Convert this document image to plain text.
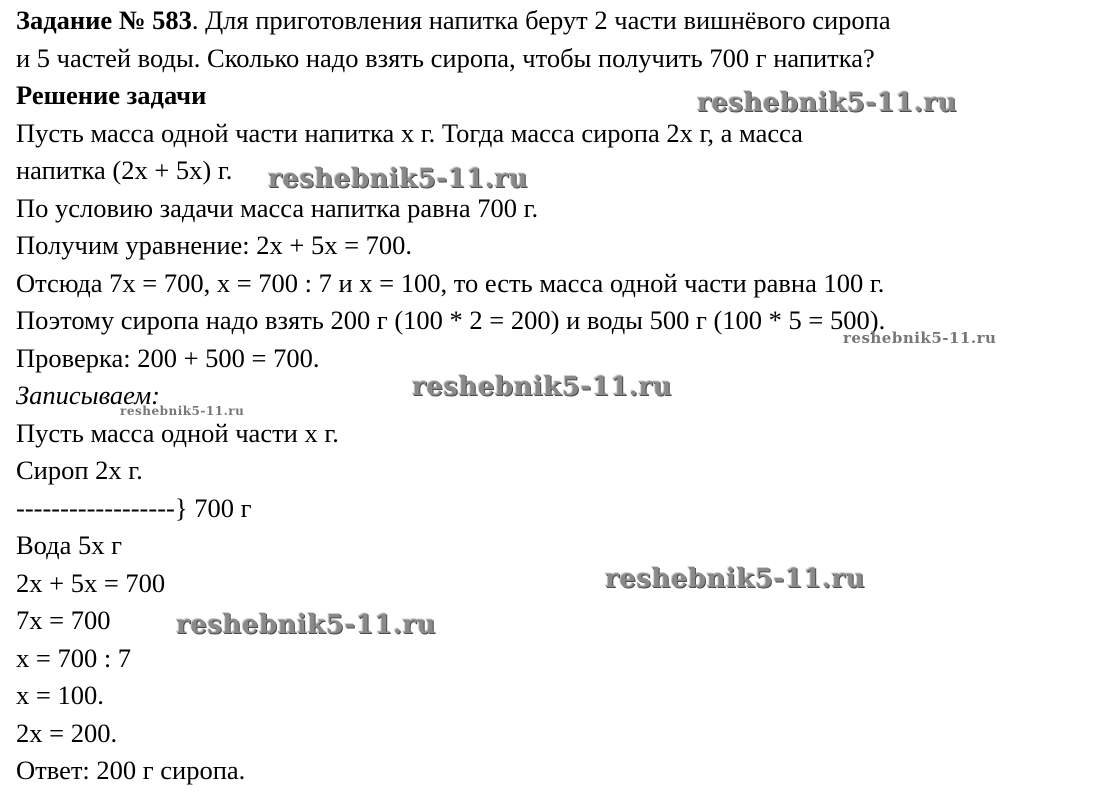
Задание № 583. Для приготовления напитка берут 2 части вишнёвого сиропа
и 5 частей воды. Сколько надо взять сиропа, чтобы получить 700 г напитка?
Решение задачи
Пусть масса одной части напитка х г. Тогда масса сиропа 2х г, а масса
напитка (2х + 5х) г.
По условию задачи масса напитка равна 700 г.
Получим уравнение: 2х + 5х = 700.
Отсюда 7х = 700, х = 700 : 7 и х = 100, то есть масса одной части равна 100 г.
Поэтому сиропа надо взять 200 г (100 * 2 = 200) и воды 500 г (100 * 5 = 500).
Проверка: 200 + 500 = 700.
Записываем:
Пусть масса одной части х г.
Сироп 2х г.
------------------} 700 г
Вода 5х г
2х + 5х = 700
7х = 700
х = 700 : 7
х = 100.
2х = 200.
Ответ: 200 г сиропа.
reshebnik5-11.ru
reshebnik5-11.ru
reshebnik5-11.ru
reshebnik5-11.ru
reshebnik5-11.ru
reshebnik5-11.ru
reshebnik5-11.ru
